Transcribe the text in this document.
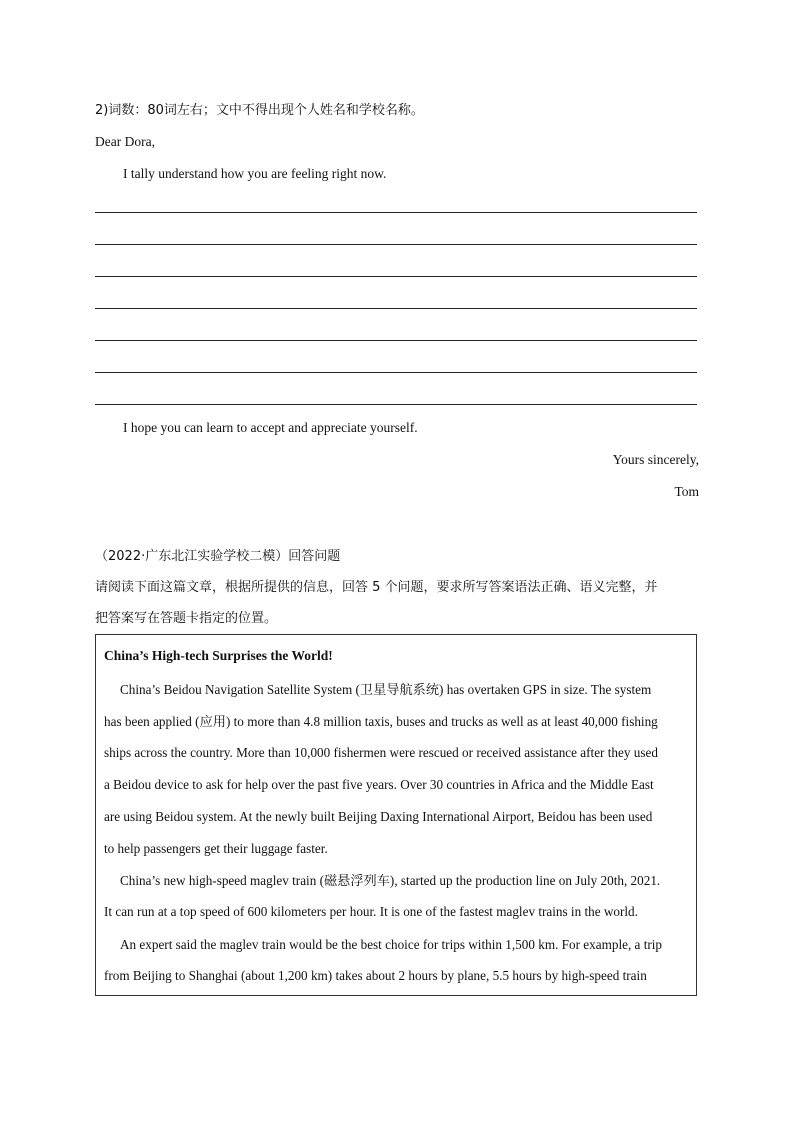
2)词数：80词左右；文中不得出现个人姓名和学校名称。
Dear Dora,
I tally understand how you are feeling right now.
I hope you can learn to accept and appreciate yourself.
Yours sincerely,
Tom
（2022·广东北江实验学校二模）回答问题
请阅读下面这篇文章，根据所提供的信息，回答 5 个问题，要求所写答案语法正确、语义完整，并
把答案写在答题卡指定的位置。
China’s High-tech Surprises the World!
China’s Beidou Navigation Satellite System (卫星导航系统) has overtaken GPS in size. The system
has been applied (应用) to more than 4.8 million taxis, buses and trucks as well as at least 40,000 fishing
ships across the country. More than 10,000 fishermen were rescued or received assistance after they used
a Beidou device to ask for help over the past five years. Over 30 countries in Africa and the Middle East
are using Beidou system. At the newly built Beijing Daxing International Airport, Beidou has been used
to help passengers get their luggage faster.
China’s new high-speed maglev train (磁悬浮列车), started up the production line on July 20th, 2021.
It can run at a top speed of 600 kilometers per hour. It is one of the fastest maglev trains in the world.
An expert said the maglev train would be the best choice for trips within 1,500 km. For example, a trip
from Beijing to Shanghai (about 1,200 km) takes about 2 hours by plane, 5.5 hours by high-speed train
